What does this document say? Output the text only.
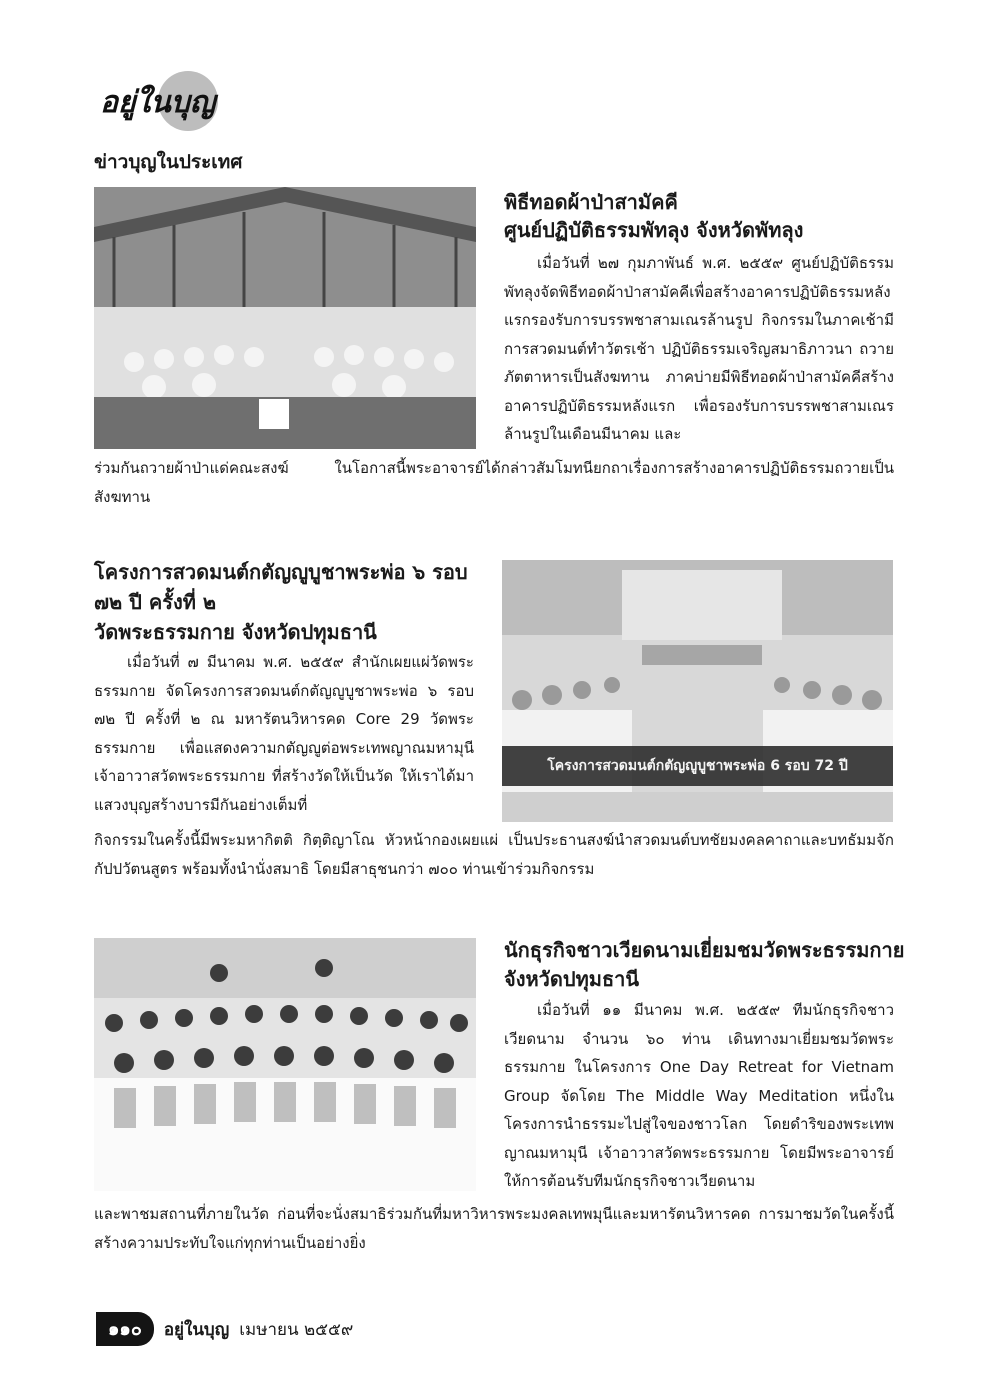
อยู่ในบุญ
ข่าวบุญในประเทศ
พิธีทอดผ้าป่าสามัคคี
ศูนย์ปฏิบัติธรรมพัทลุง จังหวัดพัทลุง

เมื่อวันที่ ๒๗ กุมภาพันธ์ พ.ศ. ๒๕๕๙ ศูนย์ปฏิบัติธรรมพัทลุงจัดพิธีทอดผ้าป่าสามัคคีเพื่อสร้างอาคารปฏิบัติธรรมหลังแรกรองรับการบรรพชาสามเณรล้านรูป กิจกรรมในภาคเช้ามีการสวดมนต์ทำวัตรเช้า ปฏิบัติธรรมเจริญสมาธิภาวนา ถวายภัตตาหารเป็นสังฆทาน ภาคบ่ายมีพิธีทอดผ้าป่าสามัคคีสร้างอาคารปฏิบัติธรรมหลังแรก เพื่อรองรับการบรรพชาสามเณรล้านรูปในเดือนมีนาคม และ

ร่วมกันถวายผ้าป่าแด่คณะสงฆ์ ในโอกาสนี้พระอาจารย์ได้กล่าวสัมโมทนียกถาเรื่องการสร้างอาคารปฏิบัติธรรมถวายเป็นสังฆทาน

โครงการสวดมนต์กตัญญูบูชาพระพ่อ ๖ รอบ
๗๒ ปี ครั้งที่ ๒
วัดพระธรรมกาย จังหวัดปทุมธานี

เมื่อวันที่ ๗ มีนาคม พ.ศ. ๒๕๕๙ สำนักเผยแผ่วัดพระธรรมกาย จัดโครงการสวดมนต์กตัญญูบูชาพระพ่อ ๖ รอบ ๗๒ ปี ครั้งที่ ๒ ณ มหารัตนวิหารคด Core 29 วัดพระธรรมกาย เพื่อแสดงความกตัญญูต่อพระเทพญาณมหามุนี เจ้าอาวาสวัดพระธรรมกาย ที่สร้างวัดให้เป็นวัด ให้เราได้มาแสวงบุญสร้างบารมีกันอย่างเต็มที่

โครงการสวดมนต์กตัญญูบูชาพระพ่อ 6 รอบ 72 ปี

กิจกรรมในครั้งนี้มีพระมหากิตติ กิตฺติญาโณ หัวหน้ากองเผยแผ่ เป็นประธานสงฆ์นำสวดมนต์บทชัยมงคลคาถาและบทธัมมจักกัปปวัตนสูตร พร้อมทั้งนำนั่งสมาธิ โดยมีสาธุชนกว่า ๗๐๐ ท่านเข้าร่วมกิจกรรม

นักธุรกิจชาวเวียดนามเยี่ยมชมวัดพระธรรมกาย
จังหวัดปทุมธานี

เมื่อวันที่ ๑๑ มีนาคม พ.ศ. ๒๕๕๙ ทีมนักธุรกิจชาวเวียดนาม จำนวน ๖๐ ท่าน เดินทางมาเยี่ยมชมวัดพระธรรมกาย ในโครงการ One Day Retreat for Vietnam Group จัดโดย The Middle Way Meditation หนึ่งในโครงการนำธรรมะไปสู่ใจของชาวโลก โดยดำริของพระเทพญาณมหามุนี เจ้าอาวาสวัดพระธรรมกาย โดยมีพระอาจารย์ให้การต้อนรับทีมนักธุรกิจชาวเวียดนาม

และพาชมสถานที่ภายในวัด ก่อนที่จะนั่งสมาธิร่วมกันที่มหาวิหารพระมงคลเทพมุนีและมหารัตนวิหารคด การมาชมวัดในครั้งนี้สร้างความประทับใจแก่ทุกท่านเป็นอย่างยิ่ง

๑๑๐	อยู่ในบุญ เมษายน ๒๕๕๙
